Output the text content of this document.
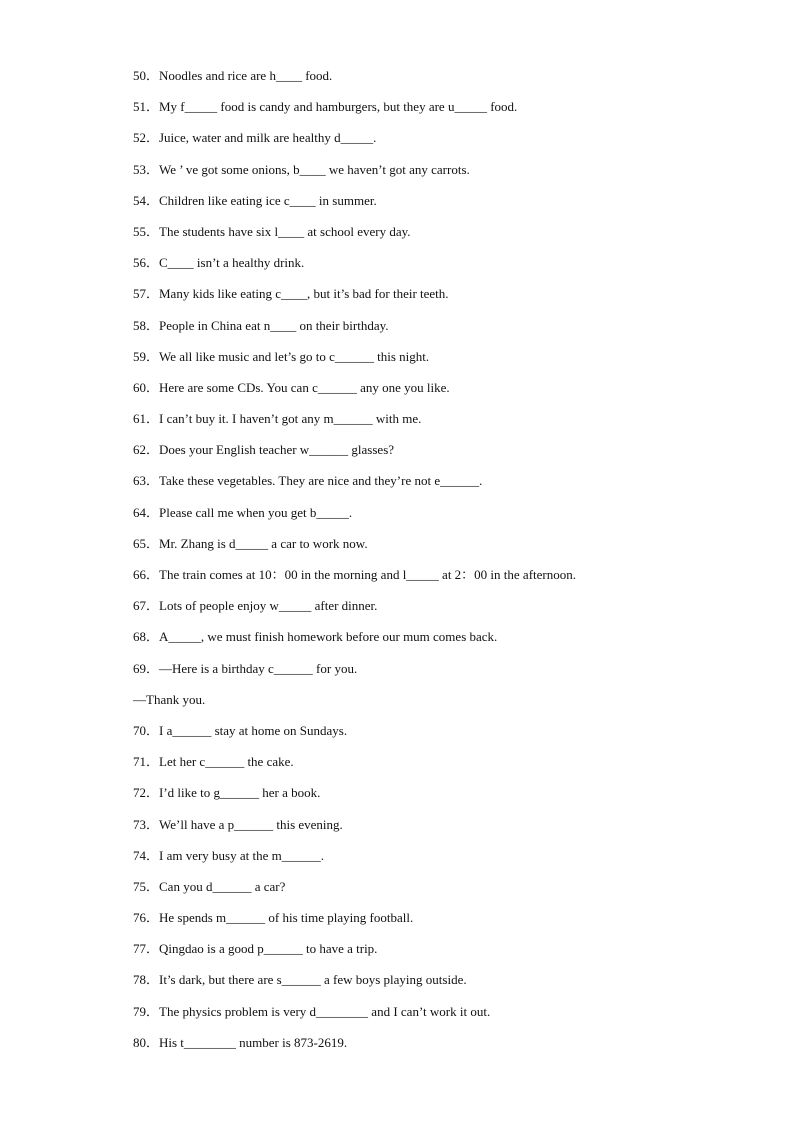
50．Noodles and rice are h____ food.
51．My f_____ food is candy and hamburgers, but they are u_____ food.
52．Juice, water and milk are healthy d_____.
53．We ’ ve got some onions, b____ we haven’t got any carrots.
54．Children like eating ice c____ in summer.
55．The students have six l____ at school every day.
56．C____ isn’t a healthy drink.
57．Many kids like eating c____, but it’s bad for their teeth.
58．People in China eat n____ on their birthday.
59．We all like music and let’s go to c______ this night.
60．Here are some CDs. You can c______ any one you like.
61．I can’t buy it. I haven’t got any m______ with me.
62．Does your English teacher w______ glasses?
63．Take these vegetables. They are nice and they’re not e______.
64．Please call me when you get b_____.
65．Mr. Zhang is d_____ a car to work now.
66．The train comes at 10：00 in the morning and l_____ at 2：00 in the afternoon.
67．Lots of people enjoy w_____ after dinner.
68．A_____, we must finish homework before our mum comes back.
69．—Here is a birthday c______ for you.
—Thank you.
70．I a______ stay at home on Sundays.
71．Let her c______ the cake.
72．I’d like to g______ her a book.
73．We’ll have a p______ this evening.
74．I am very busy at the m______.
75．Can you d______ a car?
76．He spends m______ of his time playing football.
77．Qingdao is a good p______ to have a trip.
78．It’s dark, but there are s______ a few boys playing outside.
79．The physics problem is very d________ and I can’t work it out.
80．His t________ number is 873-2619.
